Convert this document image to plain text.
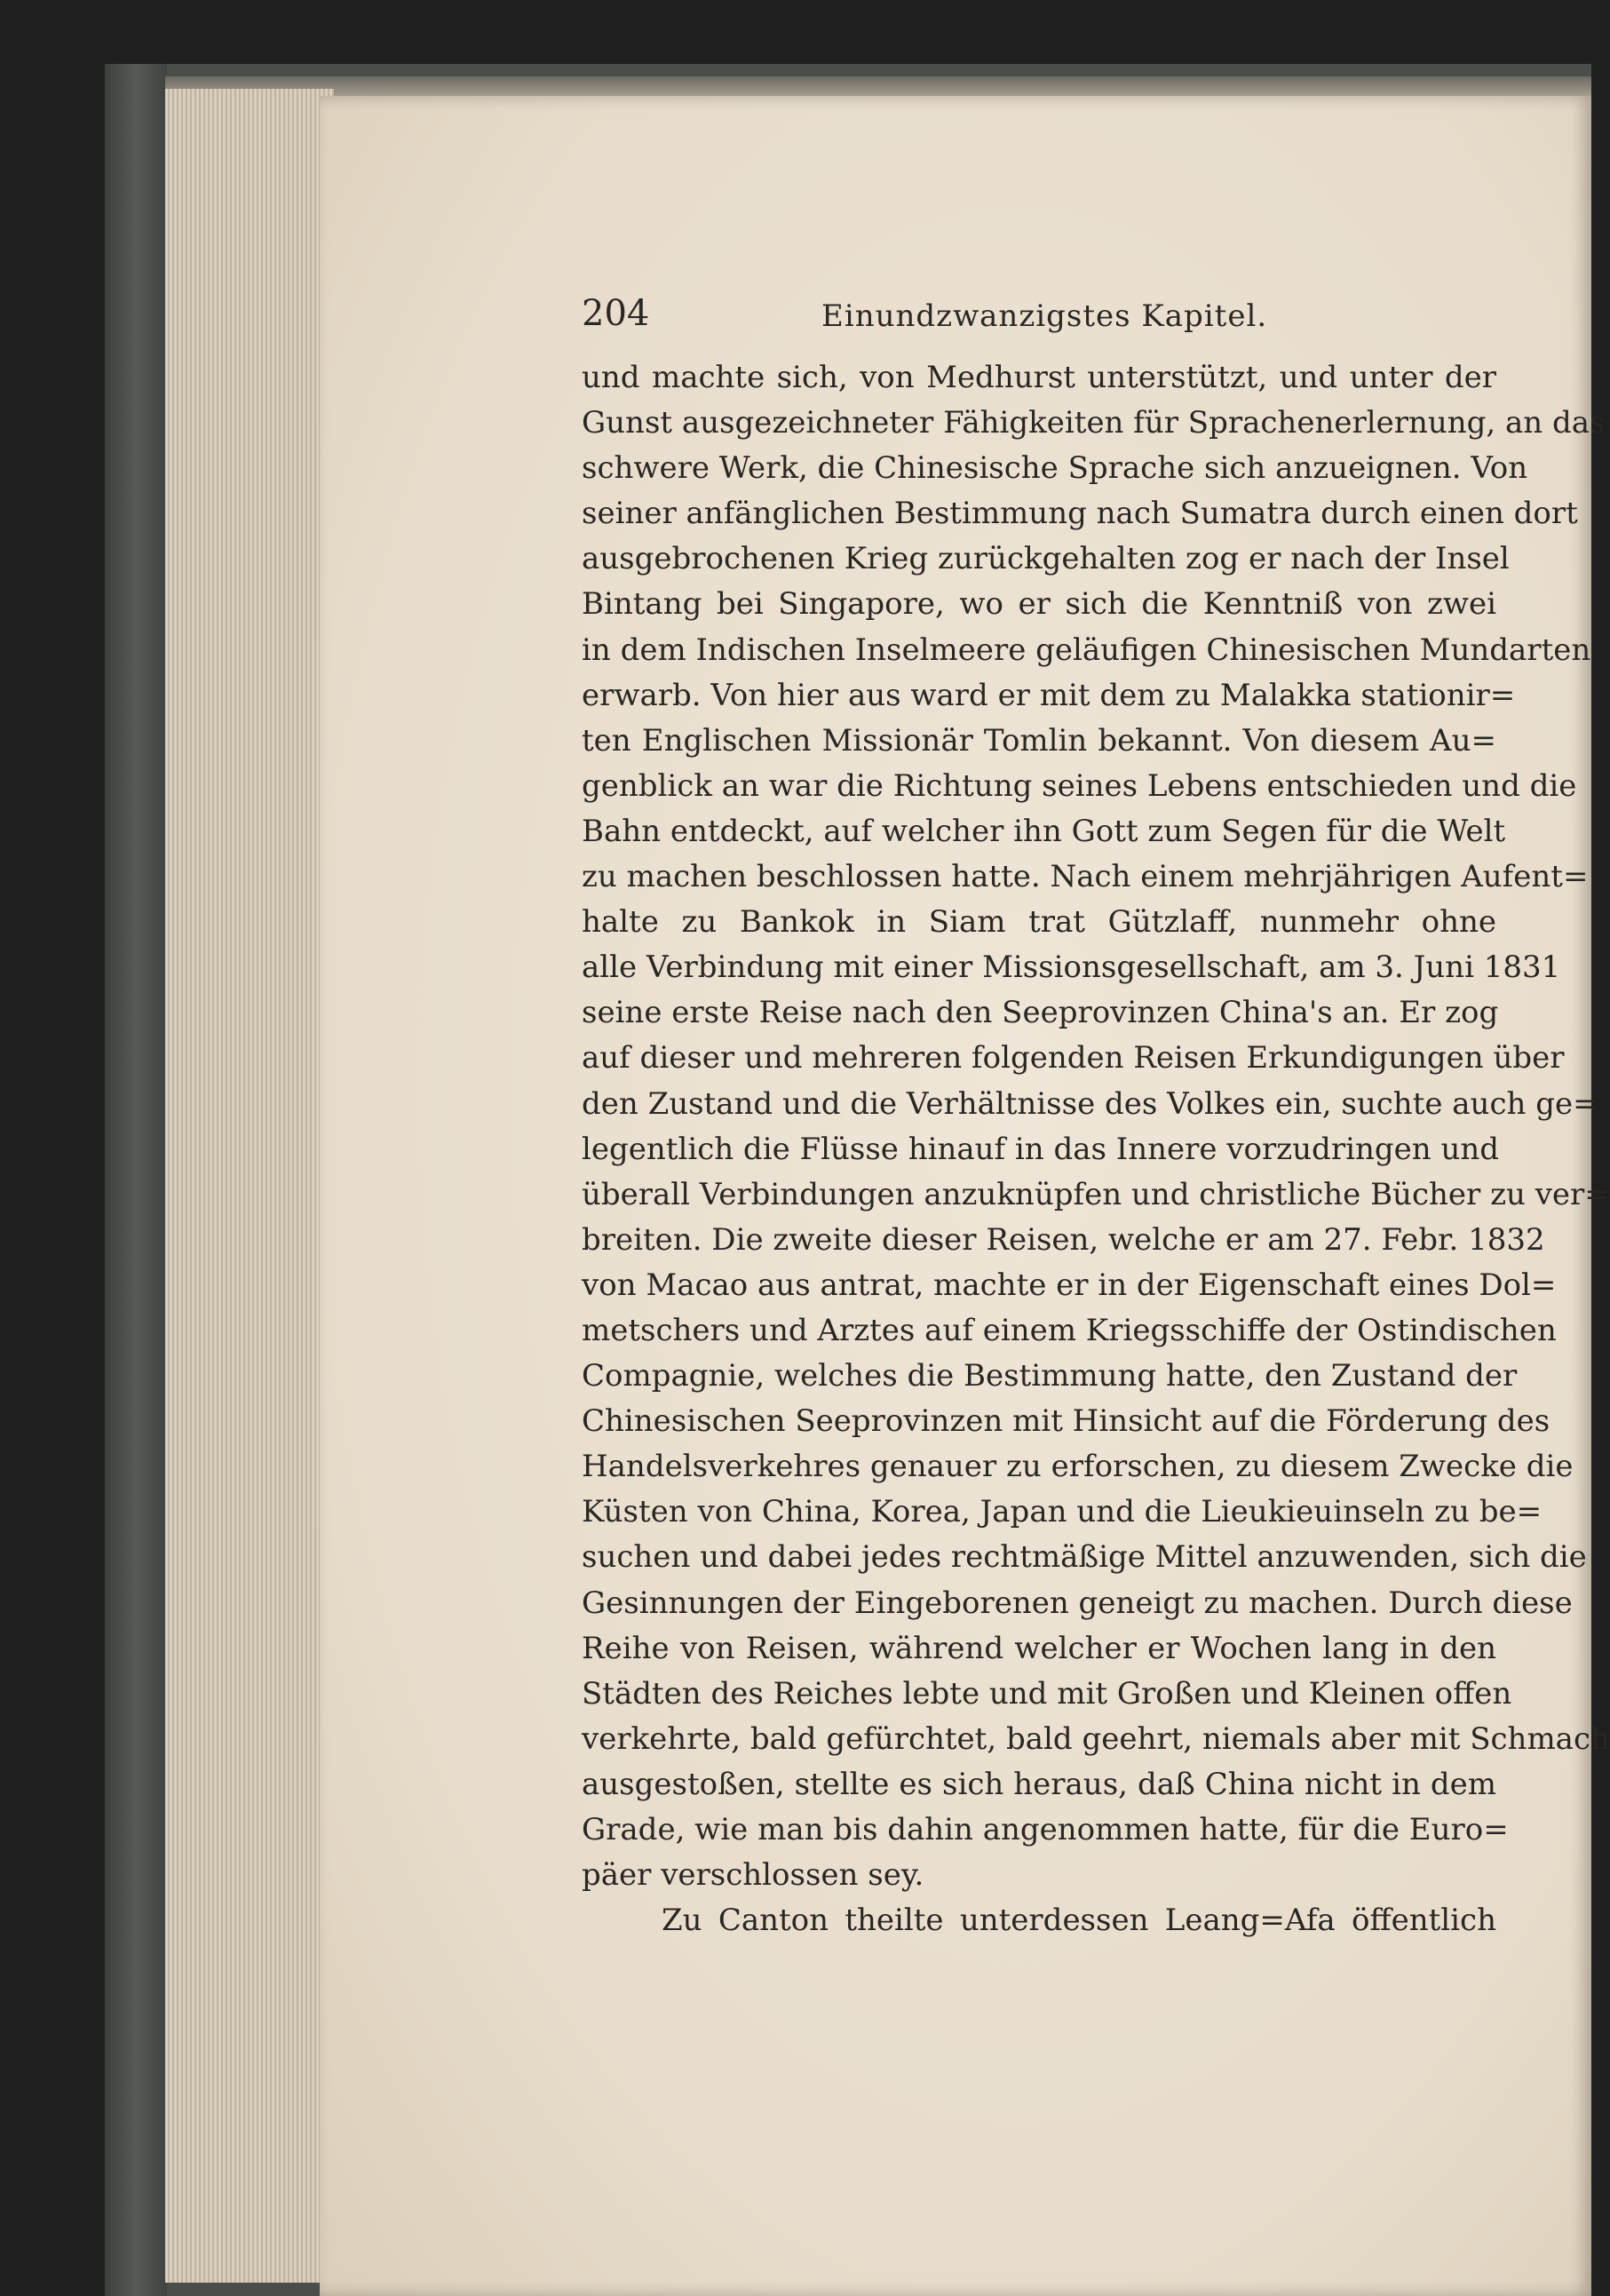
204	Einundzwanzigstes Kapitel.
und machte sich, von Medhurst unterstützt, und unter der
Gunst ausgezeichneter Fähigkeiten für Sprachenerlernung, an das
schwere Werk, die Chinesische Sprache sich anzueignen. Von
seiner anfänglichen Bestimmung nach Sumatra durch einen dort
ausgebrochenen Krieg zurückgehalten zog er nach der Insel
Bintang bei Singapore, wo er sich die Kenntniß von zwei
in dem Indischen Inselmeere geläufigen Chinesischen Mundarten
erwarb. Von hier aus ward er mit dem zu Malakka stationir=
ten Englischen Missionär Tomlin bekannt. Von diesem Au=
genblick an war die Richtung seines Lebens entschieden und die
Bahn entdeckt, auf welcher ihn Gott zum Segen für die Welt
zu machen beschlossen hatte. Nach einem mehrjährigen Aufent=
halte zu Bankok in Siam trat Gützlaff, nunmehr ohne
alle Verbindung mit einer Missionsgesellschaft, am 3. Juni 1831
seine erste Reise nach den Seeprovinzen China's an. Er zog
auf dieser und mehreren folgenden Reisen Erkundigungen über
den Zustand und die Verhältnisse des Volkes ein, suchte auch ge=
legentlich die Flüsse hinauf in das Innere vorzudringen und
überall Verbindungen anzuknüpfen und christliche Bücher zu ver=
breiten. Die zweite dieser Reisen, welche er am 27. Febr. 1832
von Macao aus antrat, machte er in der Eigenschaft eines Dol=
metschers und Arztes auf einem Kriegsschiffe der Ostindischen
Compagnie, welches die Bestimmung hatte, den Zustand der
Chinesischen Seeprovinzen mit Hinsicht auf die Förderung des
Handelsverkehres genauer zu erforschen, zu diesem Zwecke die
Küsten von China, Korea, Japan und die Lieukieuinseln zu be=
suchen und dabei jedes rechtmäßige Mittel anzuwenden, sich die
Gesinnungen der Eingeborenen geneigt zu machen. Durch diese
Reihe von Reisen, während welcher er Wochen lang in den
Städten des Reiches lebte und mit Großen und Kleinen offen
verkehrte, bald gefürchtet, bald geehrt, niemals aber mit Schmach
ausgestoßen, stellte es sich heraus, daß China nicht in dem
Grade, wie man bis dahin angenommen hatte, für die Euro=
päer verschlossen sey.
Zu Canton theilte unterdessen Leang=Afa öffentlich
